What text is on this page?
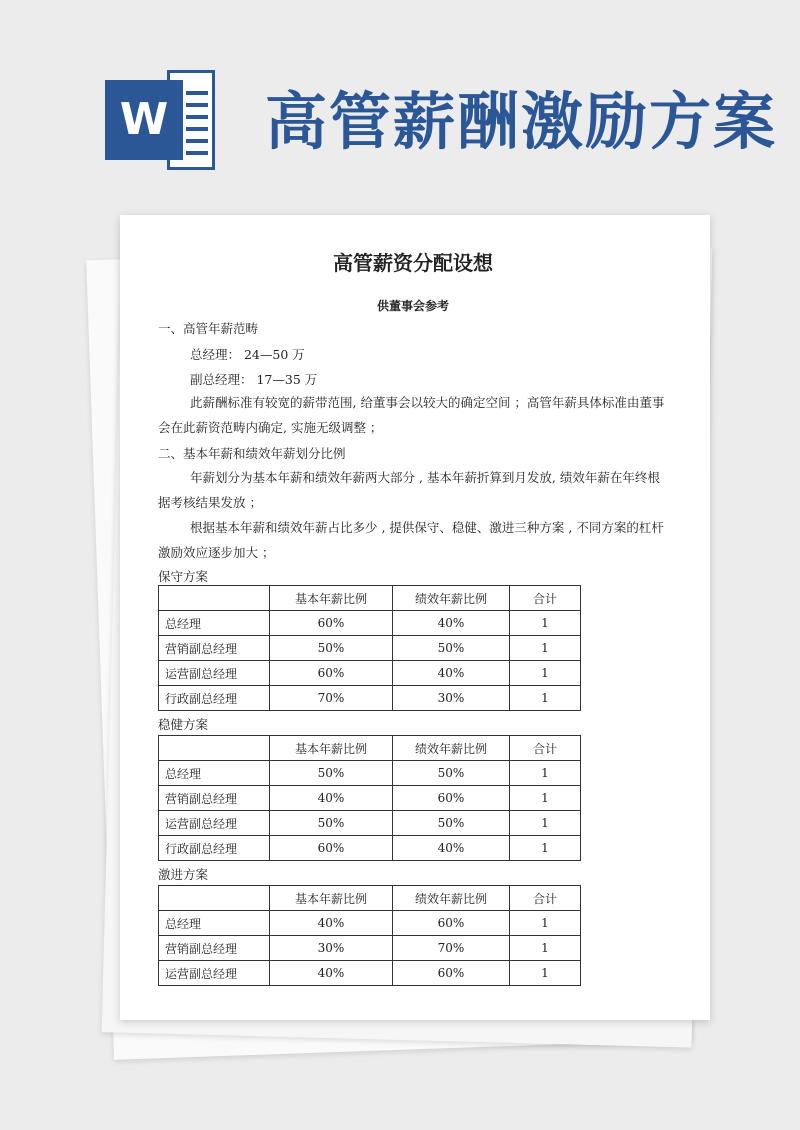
W 高管薪酬激励方案
高管薪资分配设想
供董事会参考
一、高管年薪范畴
总经理： 24—50 万
副总经理： 17—35 万
此薪酬标准有较宽的薪带范围, 给董事会以较大的确定空间 ；高管年薪具体标准由董事会在此薪资范畴内确定, 实施无级调整 ；
二、基本年薪和绩效年薪划分比例
年薪划分为基本年薪和绩效年薪两大部分 , 基本年薪折算到月发放, 绩效年薪在年终根据考核结果发放 ；
根据基本年薪和绩效年薪占比多少 , 提供保守、稳健、激进三种方案 , 不同方案的杠杆激励效应逐步加大 ；
保守方案
	基本年薪比例	绩效年薪比例	合计
总经理	60%	40%	1
营销副总经理	50%	50%	1
运营副总经理	60%	40%	1
行政副总经理	70%	30%	1
稳健方案
	基本年薪比例	绩效年薪比例	合计
总经理	50%	50%	1
营销副总经理	40%	60%	1
运营副总经理	50%	50%	1
行政副总经理	60%	40%	1
激进方案
	基本年薪比例	绩效年薪比例	合计
总经理	40%	60%	1
营销副总经理	30%	70%	1
运营副总经理	40%	60%	1
